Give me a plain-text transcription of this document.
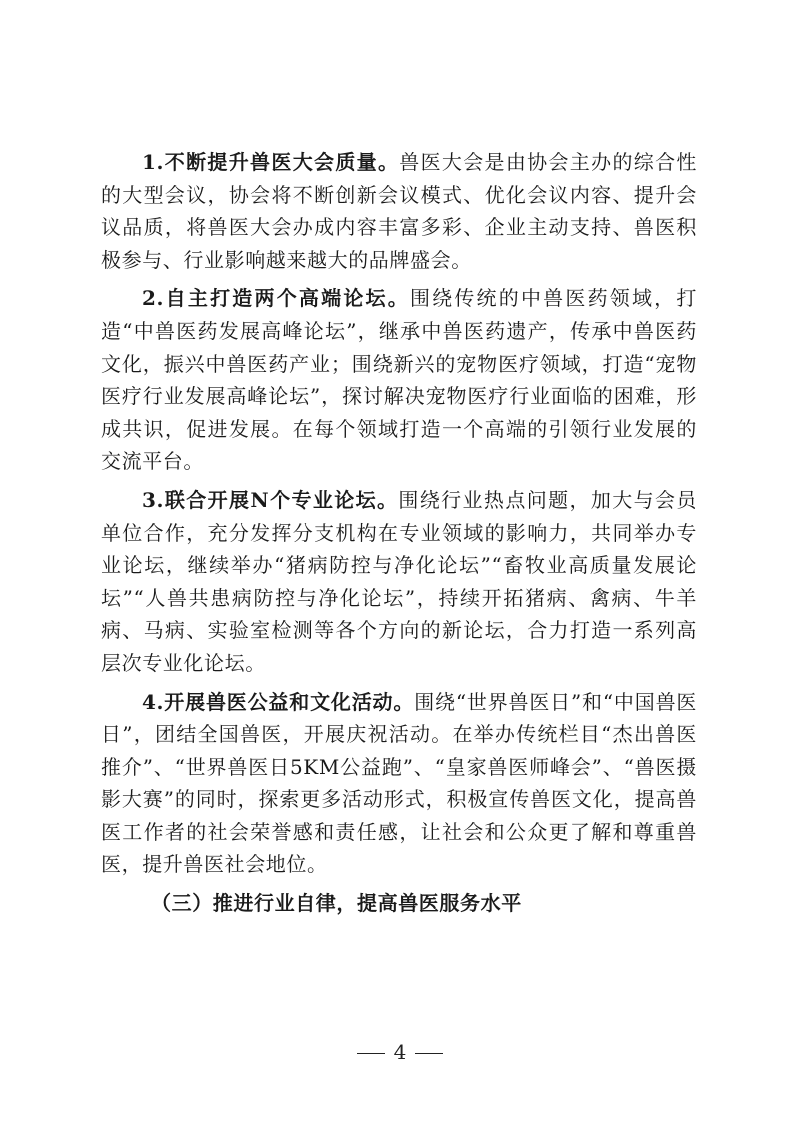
1.不断提升兽医大会质量。兽医大会是由协会主办的综合性的大型会议，协会将不断创新会议模式、优化会议内容、提升会议品质，将兽医大会办成内容丰富多彩、企业主动支持、兽医积极参与、行业影响越来越大的品牌盛会。

2.自主打造两个高端论坛。围绕传统的中兽医药领域，打造“中兽医药发展高峰论坛”，继承中兽医药遗产，传承中兽医药文化，振兴中兽医药产业；围绕新兴的宠物医疗领域，打造“宠物医疗行业发展高峰论坛”，探讨解决宠物医疗行业面临的困难，形成共识，促进发展。在每个领域打造一个高端的引领行业发展的交流平台。

3.联合开展N个专业论坛。围绕行业热点问题，加大与会员单位合作，充分发挥分支机构在专业领域的影响力，共同举办专业论坛，继续举办“猪病防控与净化论坛”“畜牧业高质量发展论坛”“人兽共患病防控与净化论坛”，持续开拓猪病、禽病、牛羊病、马病、实验室检测等各个方向的新论坛，合力打造一系列高层次专业化论坛。

4.开展兽医公益和文化活动。围绕“世界兽医日”和“中国兽医日”，团结全国兽医，开展庆祝活动。在举办传统栏目“杰出兽医推介”、“世界兽医日5KM公益跑”、“皇家兽医师峰会”、“兽医摄影大赛”的同时，探索更多活动形式，积极宣传兽医文化，提高兽医工作者的社会荣誉感和责任感，让社会和公众更了解和尊重兽医，提升兽医社会地位。

（三）推进行业自律，提高兽医服务水平

4
